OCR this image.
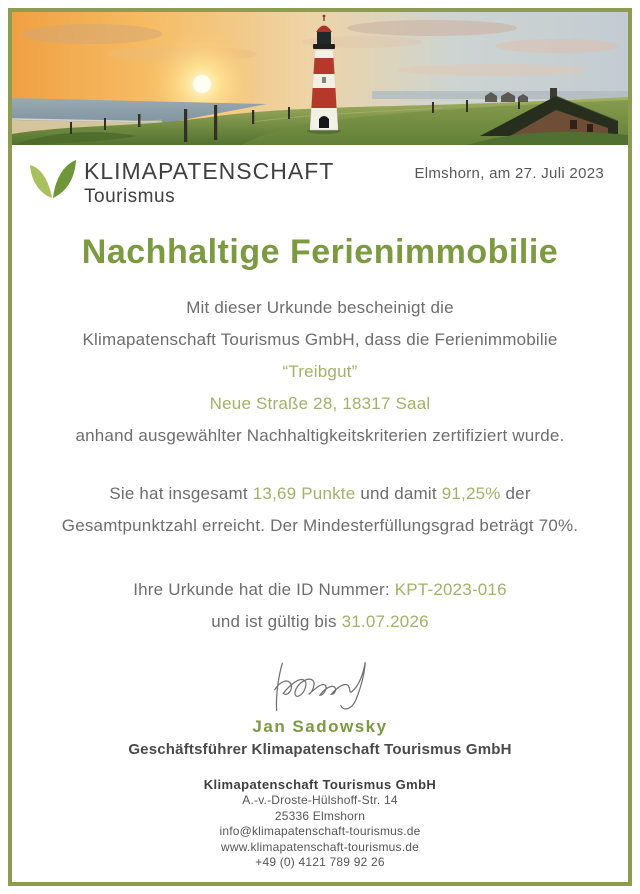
KLIMAPATENSCHAFT
Tourismus
Elmshorn, am 27. Juli 2023
Nachhaltige Ferienimmobilie
Mit dieser Urkunde bescheinigt die
Klimapatenschaft Tourismus GmbH, dass die Ferienimmobilie
“Treibgut”
Neue Straße 28, 18317 Saal
anhand ausgewählter Nachhaltigkeitskriterien zertifiziert wurde.
Sie hat insgesamt 13,69 Punkte und damit 91,25% der
Gesamtpunktzahl erreicht. Der Mindesterfüllungsgrad beträgt 70%.
Ihre Urkunde hat die ID Nummer: KPT-2023-016
und ist gültig bis 31.07.2026
Jan Sadowsky
Geschäftsführer Klimapatenschaft Tourismus GmbH
Klimapatenschaft Tourismus GmbH
A.-v.-Droste-Hülshoff-Str. 14
25336 Elmshorn
info@klimapatenschaft-tourismus.de
www.klimapatenschaft-tourismus.de
+49 (0) 4121 789 92 26
